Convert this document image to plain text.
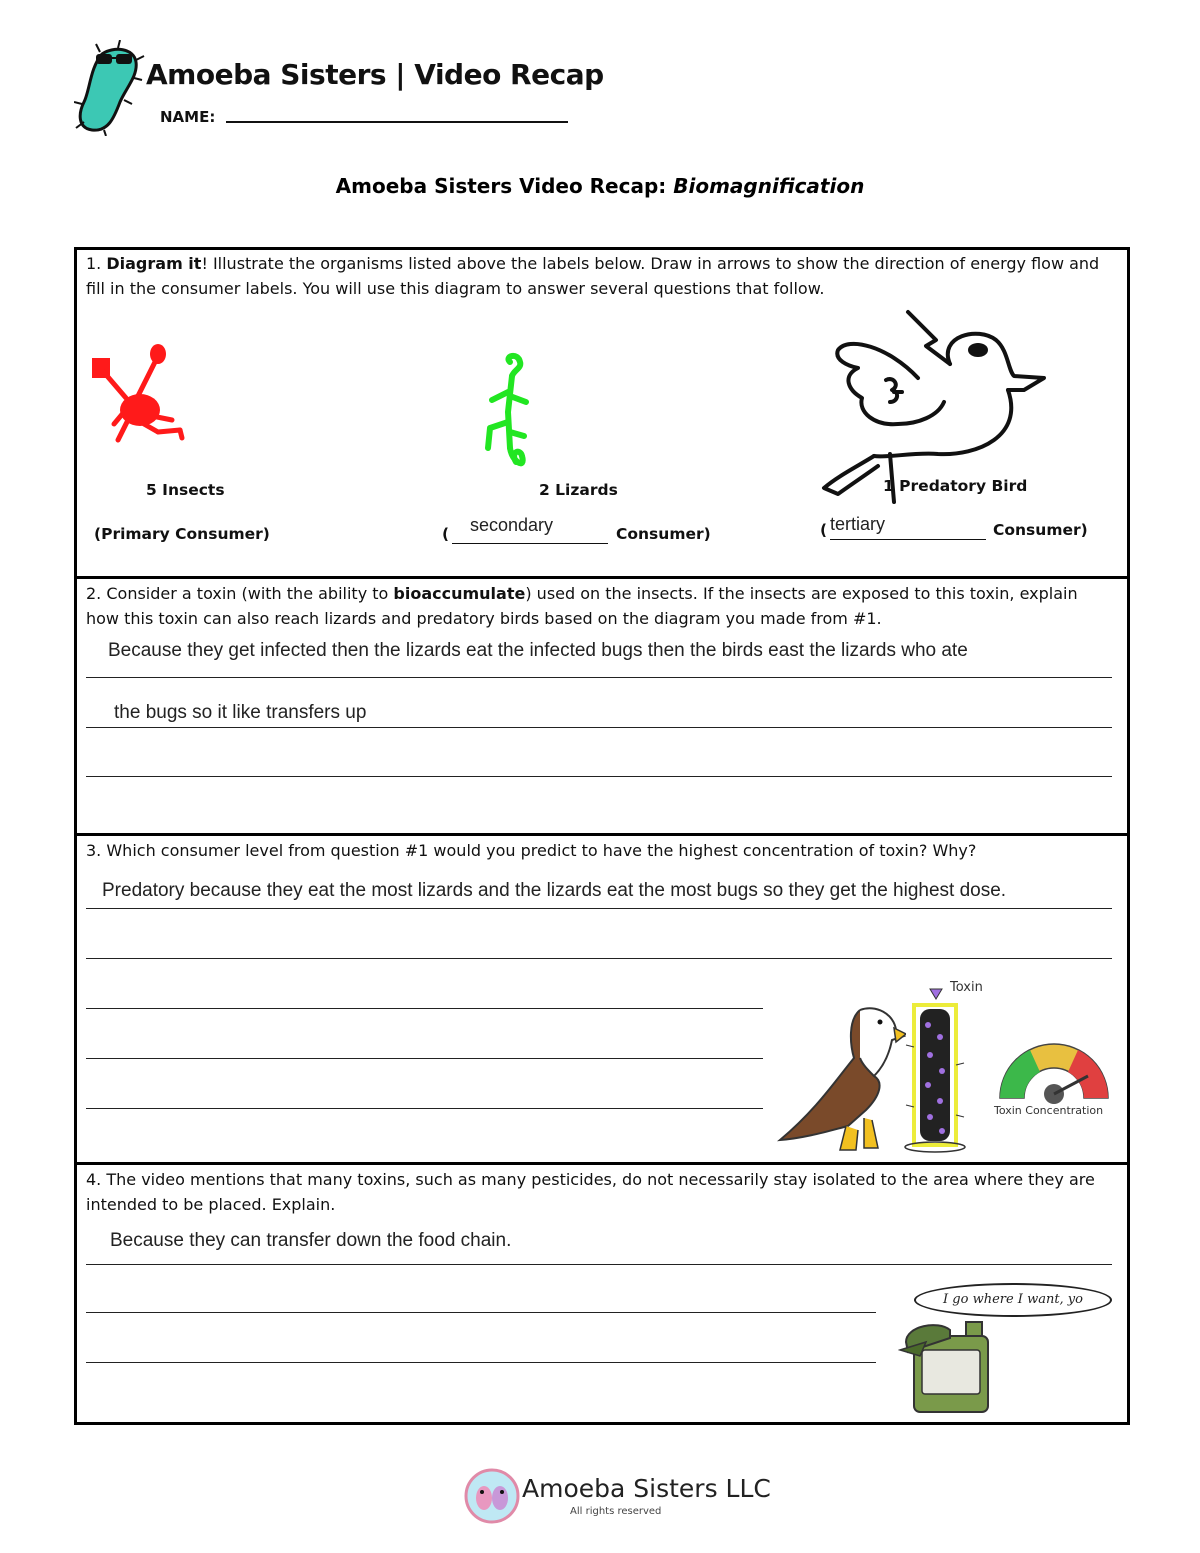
Amoeba Sisters | Video Recap
NAME:
Amoeba Sisters Video Recap: Biomagnification
1. Diagram it! Illustrate the organisms listed above the labels below. Draw in arrows to show the direction of energy flow and fill in the consumer labels. You will use this diagram to answer several questions that follow.
5 Insects
(Primary Consumer)
2 Lizards
( secondary	Consumer)
1 Predatory Bird
( tertiary	Consumer)
2. Consider a toxin (with the ability to bioaccumulate) used on the insects. If the insects are exposed to this toxin, explain how this toxin can also reach lizards and predatory birds based on the diagram you made from #1.
Because they get infected then the lizards eat the infected bugs then the birds east the lizards who ate
the bugs so it like transfers up
3. Which consumer level from question #1 would you predict to have the highest concentration of toxin? Why?
Predatory because they eat the most lizards and the lizards eat the most bugs so they get the highest dose.
Toxin
Toxin Concentration
4. The video mentions that many toxins, such as many pesticides, do not necessarily stay isolated to the area where they are intended to be placed. Explain.
Because they can transfer down the food chain.
I go where I want, yo
Amoeba Sisters LLC
All rights reserved
